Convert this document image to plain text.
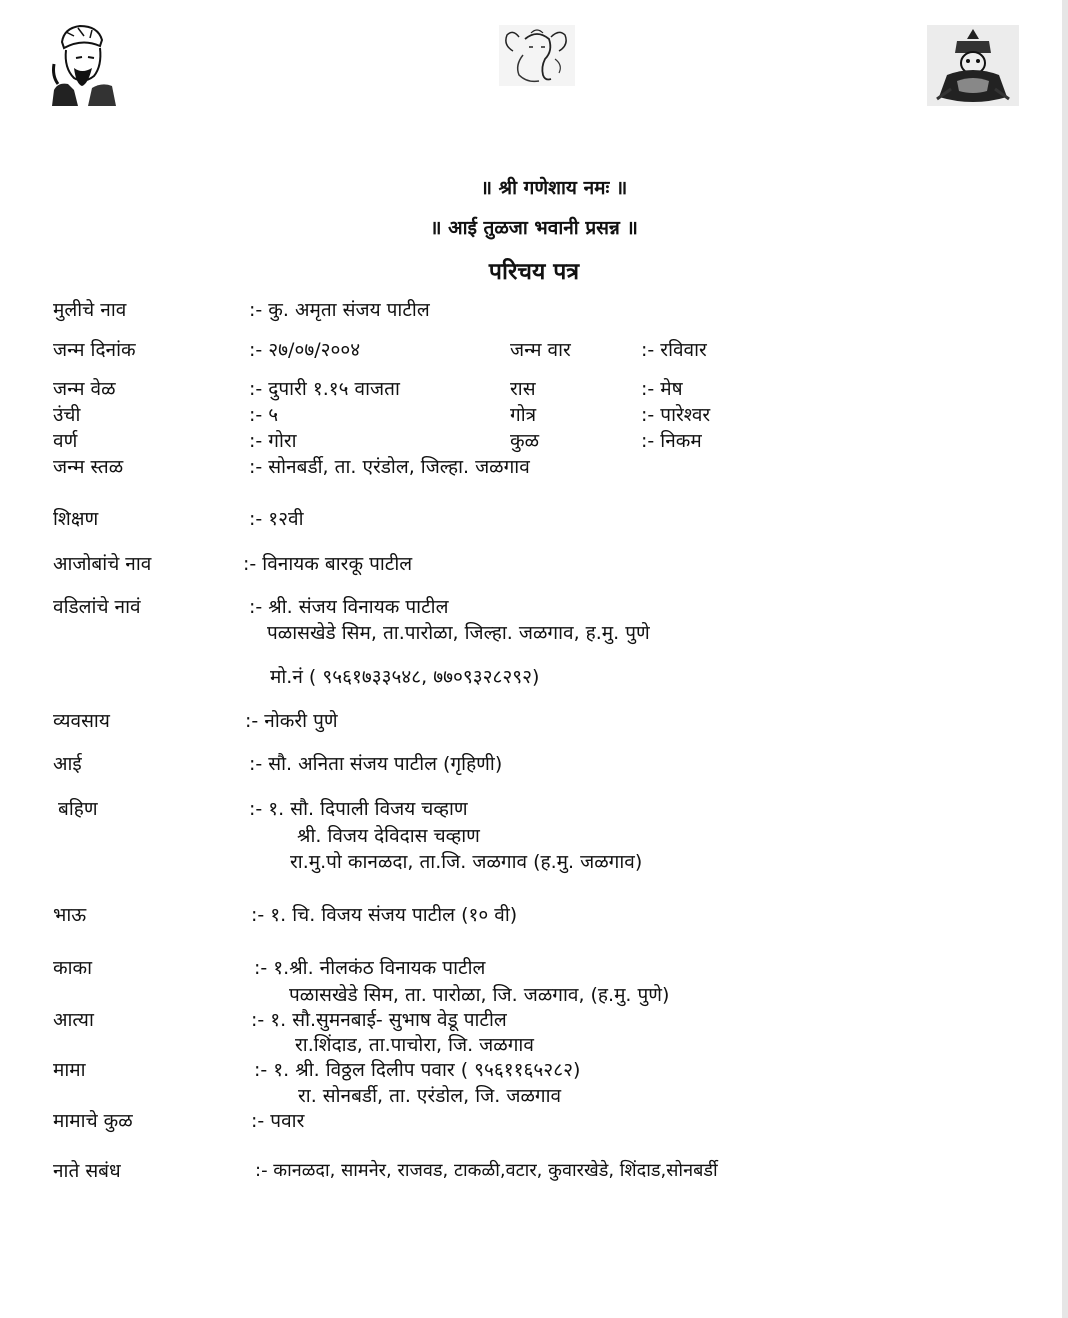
॥ श्री गणेशाय नमः ॥
॥ आई तुळजा भवानी प्रसन्न ॥
परिचय पत्र
मुलीचे नाव	:- कु. अमृता संजय पाटील
जन्म दिनांक	:- २७/०७/२००४	जन्म वार	:- रविवार
जन्म वेळ	:- दुपारी १.१५ वाजता	रास	:- मेष
उंची	:- ५	गोत्र	:- पारेश्वर
वर्ण	:- गोरा	कुळ	:- निकम
जन्म स्तळ	:- सोनबर्डी, ता. एरंडोल, जिल्हा. जळगाव
शिक्षण	:- १२वी
आजोबांचे नाव	:- विनायक बारकू पाटील
वडिलांचे नावं	:- श्री. संजय विनायक पाटील
पळासखेडे सिम, ता.पारोळा, जिल्हा. जळगाव, ह.मु. पुणे
मो.नं ( ९५६१७३३५४८, ७७०९३२८२९२)
व्यवसाय	:- नोकरी पुणे
आई	:- सौ. अनिता संजय पाटील (गृहिणी)
बहिण	:- १. सौ. दिपाली विजय चव्हाण
श्री. विजय देविदास चव्हाण
रा.मु.पो कानळदा, ता.जि. जळगाव (ह.मु. जळगाव)
भाऊ	:- १. चि. विजय संजय पाटील (१० वी)
काका	:- १.श्री. नीलकंठ विनायक पाटील
पळासखेडे सिम, ता. पारोळा, जि. जळगाव, (ह.मु. पुणे)
आत्या	:- १. सौ.सुमनबाई- सुभाष वेडू पाटील
रा.शिंदाड, ता.पाचोरा, जि. जळगाव
मामा	:- १. श्री. विठ्ठल दिलीप पवार ( ९५६११६५२८२)
रा. सोनबर्डी, ता. एरंडोल, जि. जळगाव
मामाचे कुळ	:- पवार
नाते सबंध	:- कानळदा, सामनेर, राजवड, टाकळी,वटार, कुवारखेडे, शिंदाड,सोनबर्डी
